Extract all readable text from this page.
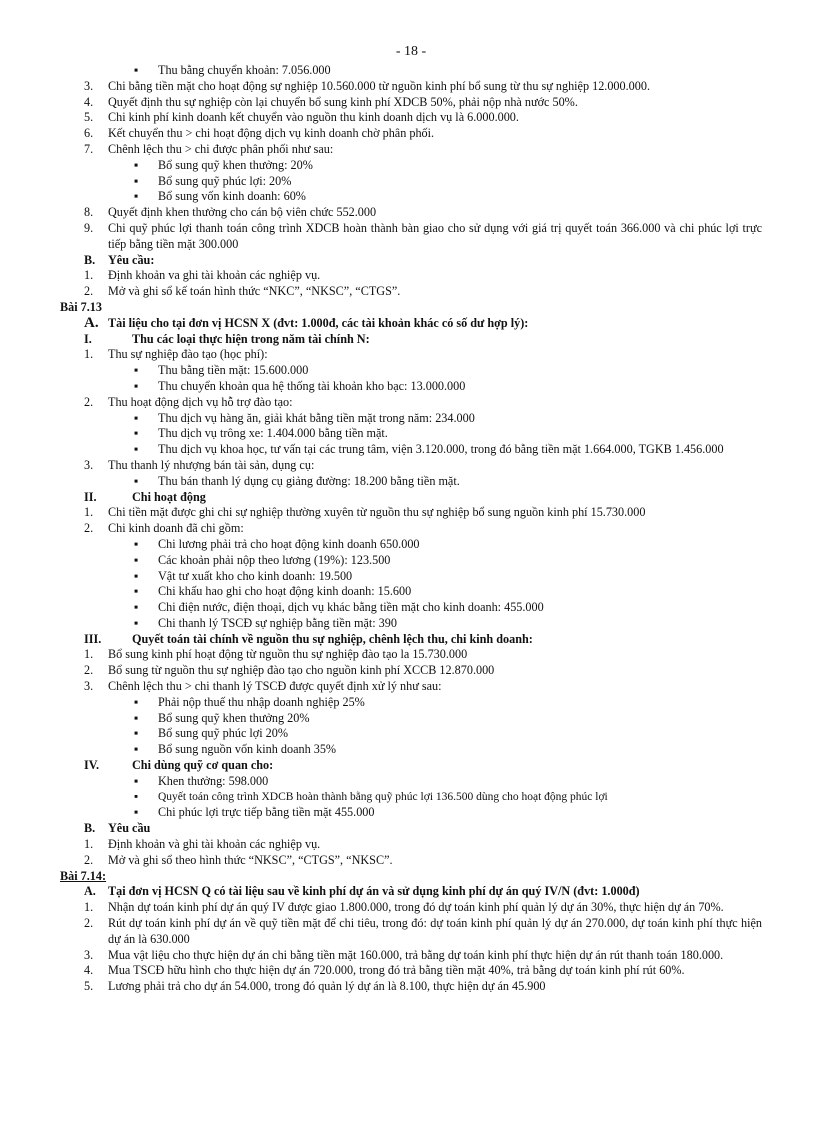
- 18 -
▪	Thu bằng chuyển khoản: 7.056.000
3.	Chi bằng tiền mặt cho hoạt động sự nghiệp 10.560.000 từ nguồn kinh phí bổ sung từ thu sự nghiệp 12.000.000.
4.	Quyết định thu sự nghiệp còn lại chuyển bổ sung kinh phí XDCB 50%, phải nộp nhà nước 50%.
5.	Chi kinh phí kinh doanh kết chuyển vào nguồn thu kinh doanh dịch vụ là 6.000.000.
6.	Kết chuyển thu > chi hoạt động dịch vụ kinh doanh chờ phân phối.
7.	Chênh lệch thu > chi được phân phối như sau:
▪	Bổ sung quỹ khen thưởng: 20%
▪	Bổ sung quỹ phúc lợi: 20%
▪	Bổ sung vốn kinh doanh: 60%
8.	Quyết định khen thưởng cho cán bộ viên chức 552.000
9.	Chi quỹ phúc lợi thanh toán công trình XDCB hoàn thành bàn giao cho sử dụng với giá trị quyết toán 366.000 và chi phúc lợi trực tiếp bằng tiền mặt 300.000
B.	Yêu cầu:
1.	Định khoản va ghi tài khoản các nghiệp vụ.
2.	Mở và ghi sổ kế toán hình thức “NKC”, “NKSC”, “CTGS”.
Bài 7.13
A. Tài liệu cho tại đơn vị HCSN X (đvt: 1.000đ, các tài khoản khác có số dư hợp lý):
I.	Thu các loại thực hiện trong năm tài chính N:
1.	Thu sự nghiệp đào tạo (học phí):
▪	Thu bằng tiền mặt: 15.600.000
▪	Thu chuyển khoản qua hệ thống tài khoản kho bạc: 13.000.000
2.	Thu hoạt động dịch vụ hỗ trợ đào tạo:
▪	Thu dịch vụ hàng ăn, giải khát bằng tiền mặt trong năm: 234.000
▪	Thu dịch vụ trông xe: 1.404.000 bằng tiền mặt.
▪	Thu dịch vụ khoa học, tư vấn tại các trung tâm, viện 3.120.000, trong đó bằng tiền mặt 1.664.000, TGKB 1.456.000
3.	Thu thanh lý nhượng bán tài sản, dụng cụ:
▪	Thu bán thanh lý dụng cụ giảng đường: 18.200 bằng tiền mặt.
II.	Chi hoạt động
1.	Chi tiền mặt được ghi chi sự nghiệp thường xuyên từ nguồn thu sự nghiệp bổ sung nguồn kinh phí 15.730.000
2.	Chi kinh doanh đã chi gồm:
▪	Chi lương phải trả cho hoạt động kinh doanh 650.000
▪	Các khoản phải nộp theo lương (19%): 123.500
▪	Vật tư xuất kho cho kinh doanh: 19.500
▪	Chi khấu hao ghi cho hoạt động kinh doanh: 15.600
▪	Chi điện nước, điện thoại, dịch vụ khác bằng tiền mặt cho kinh doanh: 455.000
▪	Chi thanh lý TSCĐ sự nghiệp bằng tiền mặt: 390
III.	Quyết toán tài chính về nguồn thu sự nghiệp, chênh lệch thu, chi kinh doanh:
1.	Bổ sung kinh phí hoạt động từ nguồn thu sự nghiệp đào tạo la 15.730.000
2.	Bổ sung từ nguồn thu sự nghiệp đào tạo cho nguồn kinh phí XCCB 12.870.000
3.	Chênh lệch thu > chi thanh lý TSCĐ được quyết định xử lý như sau:
▪	Phải nộp thuế thu nhập doanh nghiệp 25%
▪	Bổ sung quỹ khen thưởng 20%
▪	Bổ sung quỹ phúc lợi 20%
▪	Bổ sung nguồn vốn kinh doanh 35%
IV.	Chi dùng quỹ cơ quan cho:
▪	Khen thưởng: 598.000
▪	Quyết toán công trình XDCB hoàn thành bằng quỹ phúc lợi 136.500 dùng cho hoạt động phúc lợi
▪	Chi phúc lợi trực tiếp bằng tiền mặt 455.000
B.	Yêu cầu
1.	Định khoản và ghi tài khoản các nghiệp vụ.
2.	Mở và ghi sổ theo hình thức “NKSC”, “CTGS”, “NKSC”.
Bài 7.14:
A. Tại đơn vị HCSN Q có tài liệu sau về kinh phí dự án và sử dụng kinh phí dự án quý IV/N (đvt: 1.000đ)
1.	Nhận dự toán kinh phí dự án quý IV được giao 1.800.000, trong đó dự toán kinh phí quản lý dự án 30%, thực hiện dự án 70%.
2.	Rút dự toán kinh phí dự án về quỹ tiền mặt để chi tiêu, trong đó: dự toán kinh phí quản lý dự án 270.000, dự toán kinh phí thực hiện dự án là 630.000
3.	Mua vật liệu cho thực hiện dự án chi bằng tiền mặt 160.000, trả bằng dự toán kinh phí thực hiện dự án rút thanh toán 180.000.
4.	Mua TSCĐ hữu hình cho thực hiện dự án 720.000, trong đó trả bằng tiền mặt 40%, trả bằng dự toán kinh phí rút 60%.
5.	Lương phải trả cho dự án 54.000, trong đó quản lý dự án là 8.100, thực hiện dự án 45.900
